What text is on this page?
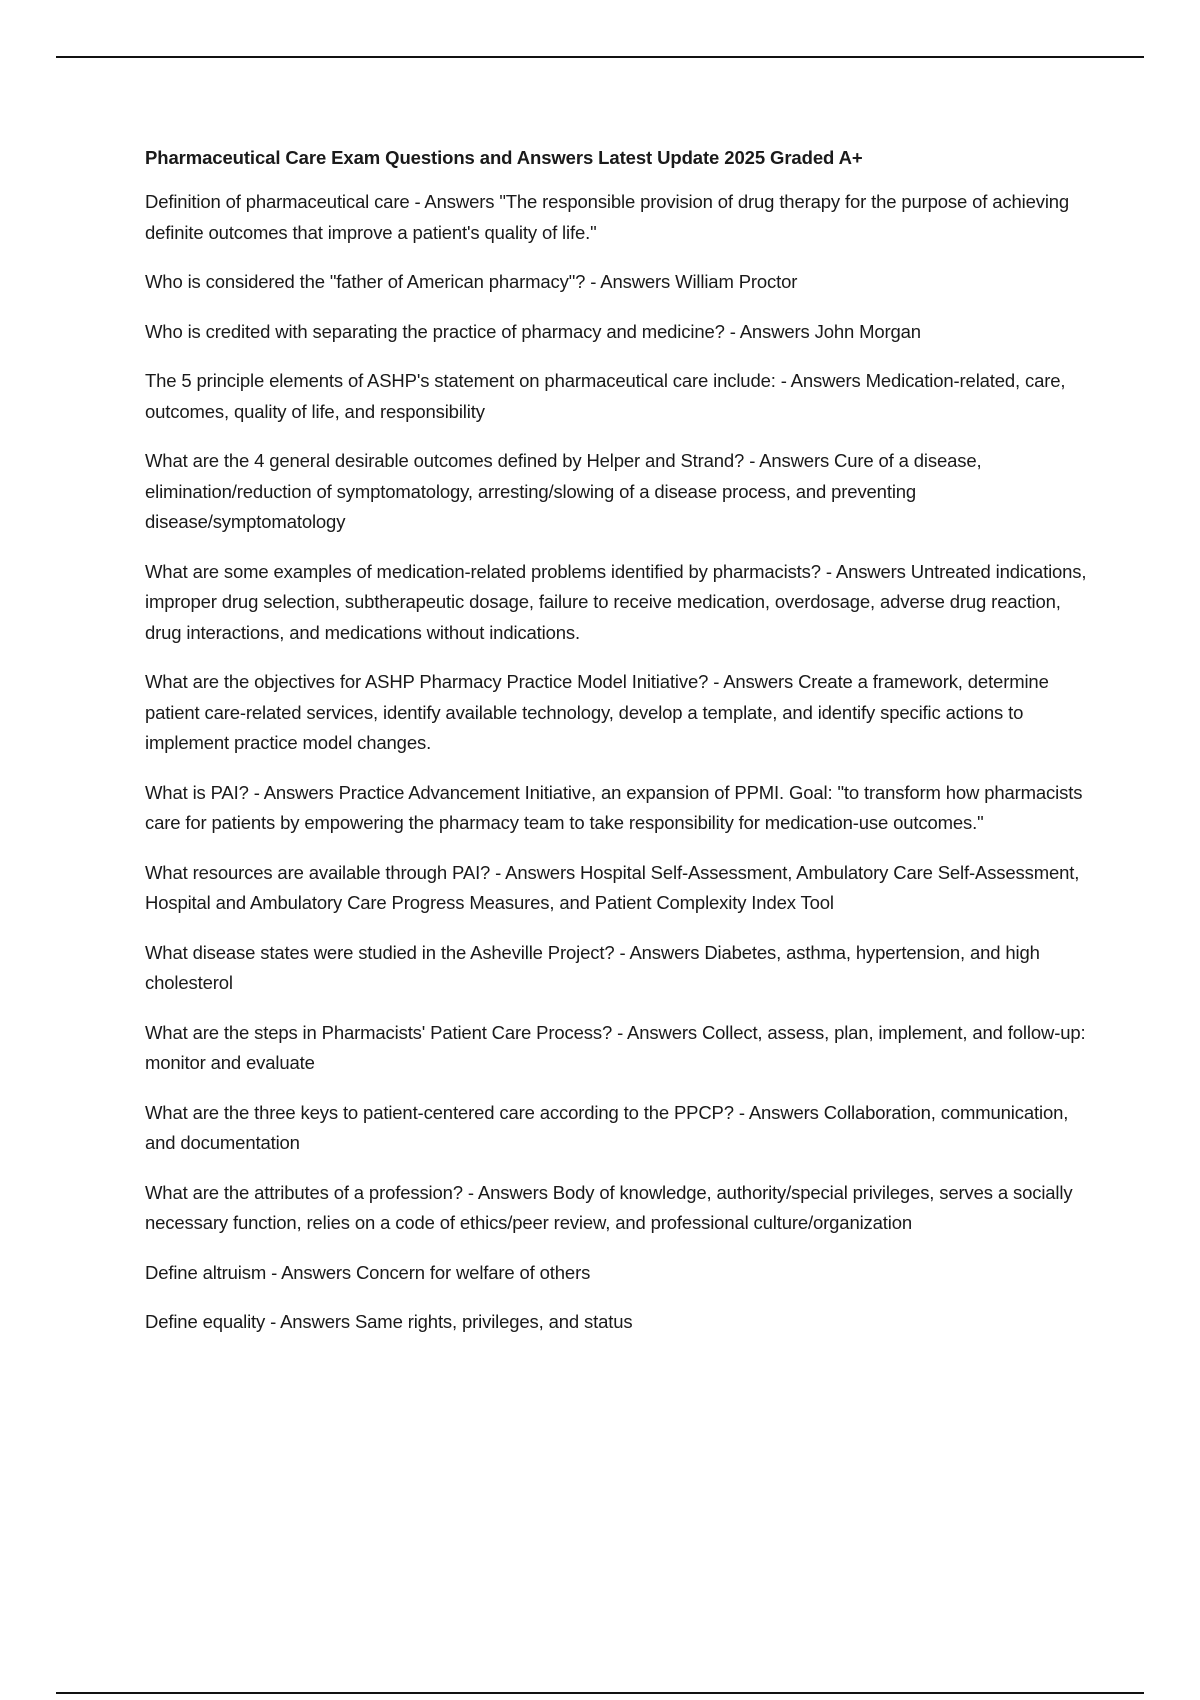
Pharmaceutical Care Exam Questions and Answers Latest Update 2025 Graded A+

Definition of pharmaceutical care - Answers "The responsible provision of drug therapy for the purpose of achieving definite outcomes that improve a patient's quality of life."

Who is considered the "father of American pharmacy"? - Answers William Proctor

Who is credited with separating the practice of pharmacy and medicine? - Answers John Morgan

The 5 principle elements of ASHP's statement on pharmaceutical care include: - Answers Medication-related, care, outcomes, quality of life, and responsibility

What are the 4 general desirable outcomes defined by Helper and Strand? - Answers Cure of a disease, elimination/reduction of symptomatology, arresting/slowing of a disease process, and preventing disease/symptomatology

What are some examples of medication-related problems identified by pharmacists? - Answers Untreated indications, improper drug selection, subtherapeutic dosage, failure to receive medication, overdosage, adverse drug reaction, drug interactions, and medications without indications.

What are the objectives for ASHP Pharmacy Practice Model Initiative? - Answers Create a framework, determine patient care-related services, identify available technology, develop a template, and identify specific actions to implement practice model changes.

What is PAI? - Answers Practice Advancement Initiative, an expansion of PPMI. Goal: "to transform how pharmacists care for patients by empowering the pharmacy team to take responsibility for medication-use outcomes."

What resources are available through PAI? - Answers Hospital Self-Assessment, Ambulatory Care Self-Assessment, Hospital and Ambulatory Care Progress Measures, and Patient Complexity Index Tool

What disease states were studied in the Asheville Project? - Answers Diabetes, asthma, hypertension, and high cholesterol

What are the steps in Pharmacists' Patient Care Process? - Answers Collect, assess, plan, implement, and follow-up: monitor and evaluate

What are the three keys to patient-centered care according to the PPCP? - Answers Collaboration, communication, and documentation

What are the attributes of a profession? - Answers Body of knowledge, authority/special privileges, serves a socially necessary function, relies on a code of ethics/peer review, and professional culture/organization

Define altruism - Answers Concern for welfare of others

Define equality - Answers Same rights, privileges, and status
